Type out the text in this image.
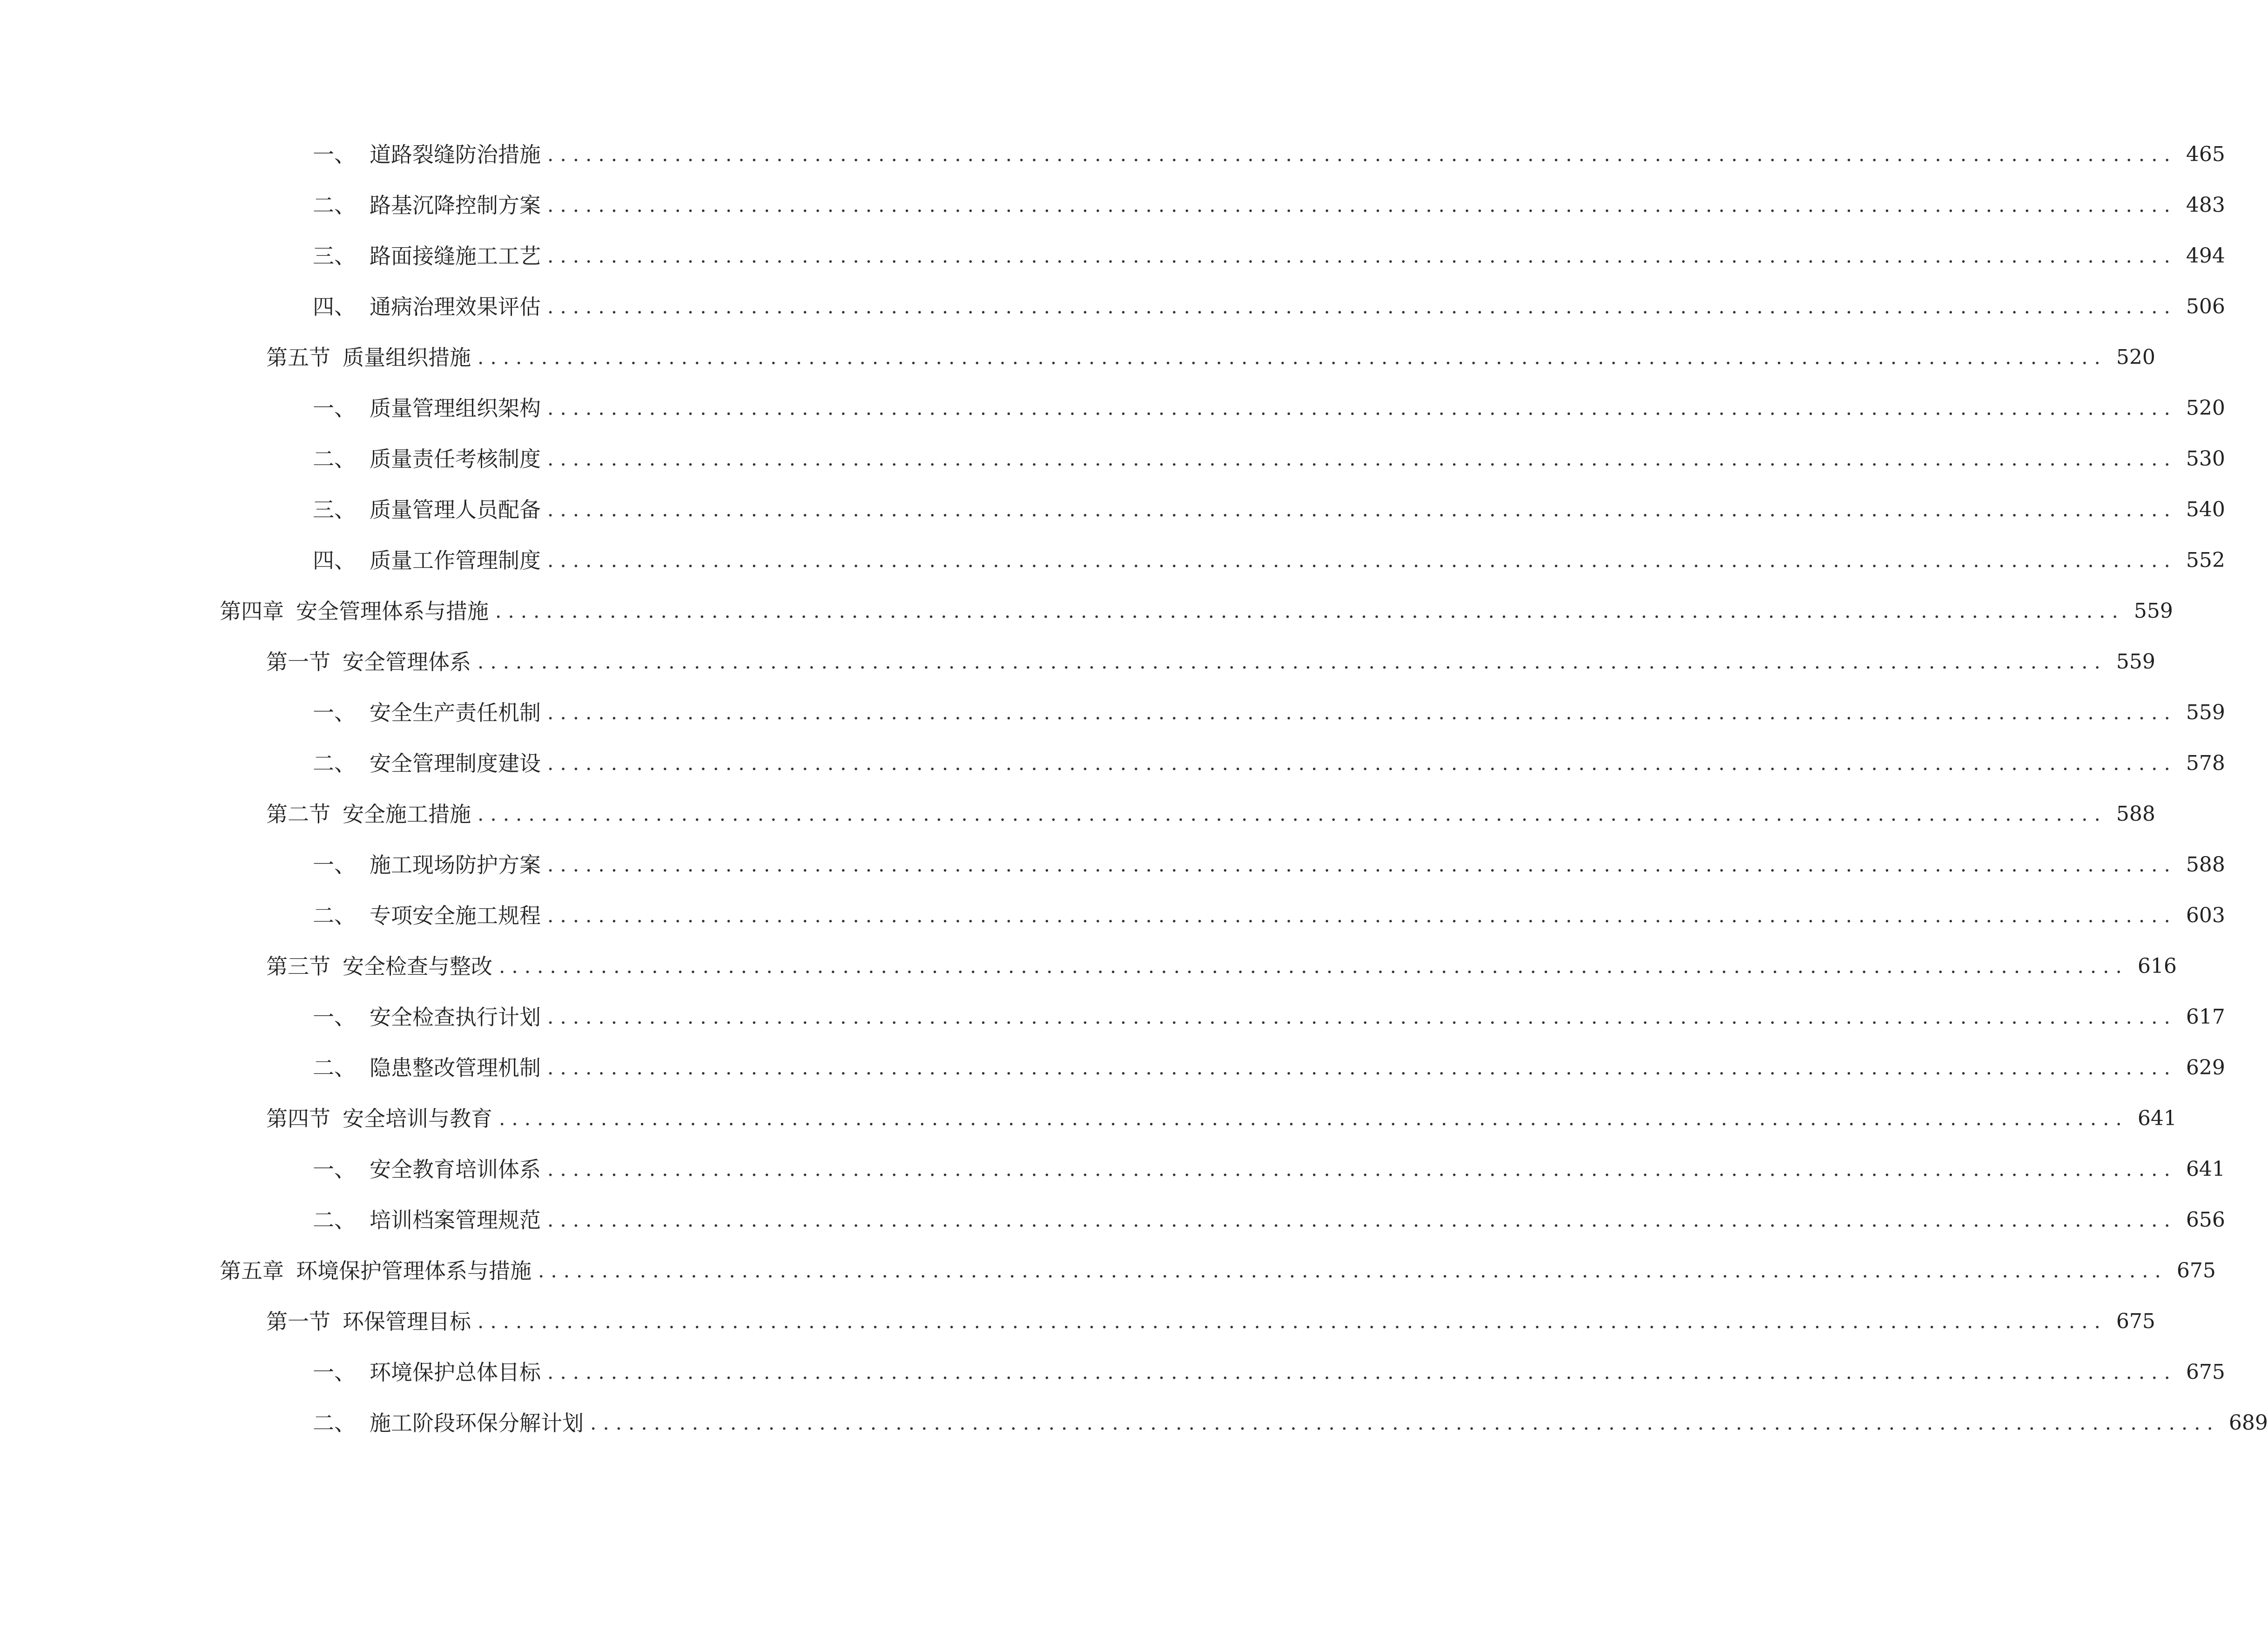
一、 道路裂缝防治措施 ................................................................................................................................ 465
二、 路基沉降控制方案 ................................................................................................................................ 483
三、 路面接缝施工工艺 ................................................................................................................................ 494
四、 通病治理效果评估 ................................................................................................................................ 506
第五节 质量组织措施 ................................................................................................................................ 520
一、 质量管理组织架构 ................................................................................................................................ 520
二、 质量责任考核制度 ................................................................................................................................ 530
三、 质量管理人员配备 ................................................................................................................................ 540
四、 质量工作管理制度 ................................................................................................................................ 552
第四章 安全管理体系与措施 ................................................................................................................................ 559
第一节 安全管理体系 ................................................................................................................................ 559
一、 安全生产责任机制 ................................................................................................................................ 559
二、 安全管理制度建设 ................................................................................................................................ 578
第二节 安全施工措施 ................................................................................................................................ 588
一、 施工现场防护方案 ................................................................................................................................ 588
二、 专项安全施工规程 ................................................................................................................................ 603
第三节 安全检查与整改 ................................................................................................................................ 616
一、 安全检查执行计划 ................................................................................................................................ 617
二、 隐患整改管理机制 ................................................................................................................................ 629
第四节 安全培训与教育 ................................................................................................................................ 641
一、 安全教育培训体系 ................................................................................................................................ 641
二、 培训档案管理规范 ................................................................................................................................ 656
第五章 环境保护管理体系与措施 ................................................................................................................................ 675
第一节 环保管理目标 ................................................................................................................................ 675
一、 环境保护总体目标 ................................................................................................................................ 675
二、 施工阶段环保分解计划 ................................................................................................................................ 689
